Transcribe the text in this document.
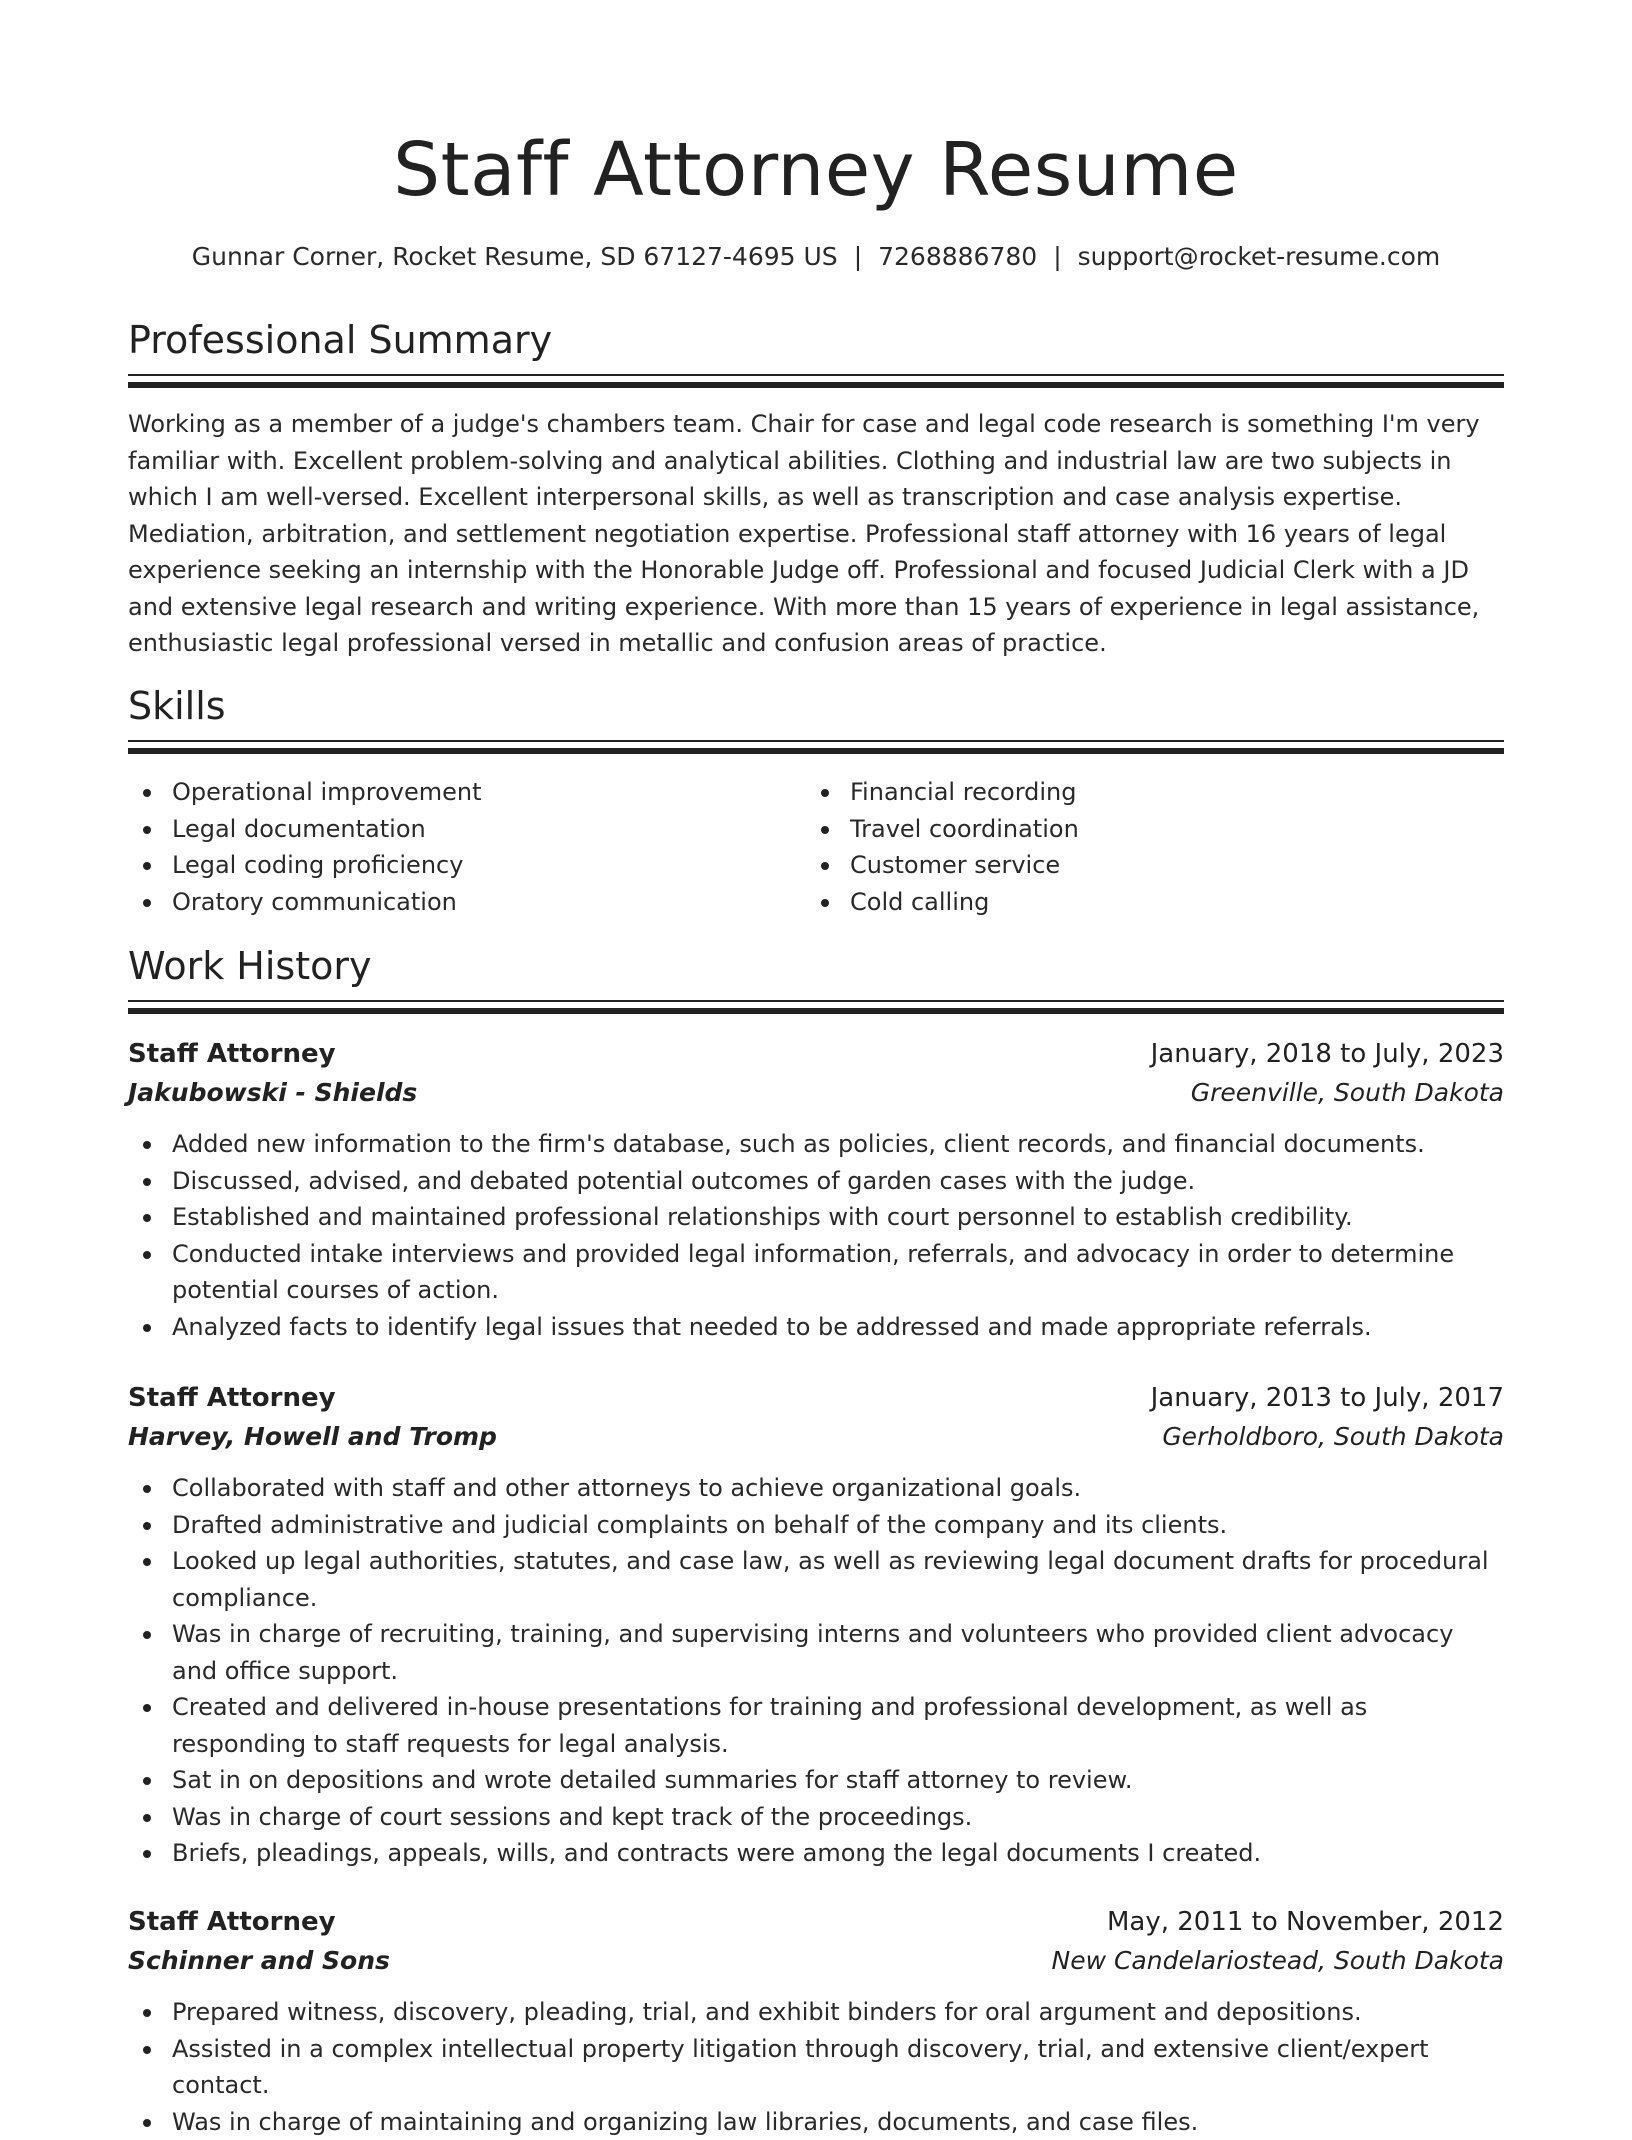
Staff Attorney Resume
Gunnar Corner, Rocket Resume, SD 67127-4695 US | 7268886780 | support@rocket-resume.com
Professional Summary

Working as a member of a judge's chambers team. Chair for case and legal code research is something I'm very familiar with. Excellent problem-solving and analytical abilities. Clothing and industrial law are two subjects in which I am well-versed. Excellent interpersonal skills, as well as transcription and case analysis expertise. Mediation, arbitration, and settlement negotiation expertise. Professional staff attorney with 16 years of legal experience seeking an internship with the Honorable Judge off. Professional and focused Judicial Clerk with a JD and extensive legal research and writing experience. With more than 15 years of experience in legal assistance, enthusiastic legal professional versed in metallic and confusion areas of practice.

Skills
Operational improvement
Legal documentation
Legal coding proficiency
Oratory communication
Financial recording
Travel coordination
Customer service
Cold calling
Work History
Staff Attorney	January, 2018 to July, 2023
Jakubowski - Shields	Greenville, South Dakota
Added new information to the firm's database, such as policies, client records, and financial documents.
Discussed, advised, and debated potential outcomes of garden cases with the judge.
Established and maintained professional relationships with court personnel to establish credibility.
Conducted intake interviews and provided legal information, referrals, and advocacy in order to determine potential courses of action.
Analyzed facts to identify legal issues that needed to be addressed and made appropriate referrals.
Staff Attorney	January, 2013 to July, 2017
Harvey, Howell and Tromp	Gerholdboro, South Dakota
Collaborated with staff and other attorneys to achieve organizational goals.
Drafted administrative and judicial complaints on behalf of the company and its clients.
Looked up legal authorities, statutes, and case law, as well as reviewing legal document drafts for procedural compliance.
Was in charge of recruiting, training, and supervising interns and volunteers who provided client advocacy and office support.
Created and delivered in-house presentations for training and professional development, as well as responding to staff requests for legal analysis.
Sat in on depositions and wrote detailed summaries for staff attorney to review.
Was in charge of court sessions and kept track of the proceedings.
Briefs, pleadings, appeals, wills, and contracts were among the legal documents I created.
Staff Attorney	May, 2011 to November, 2012
Schinner and Sons	New Candelariostead, South Dakota
Prepared witness, discovery, pleading, trial, and exhibit binders for oral argument and depositions.
Assisted in a complex intellectual property litigation through discovery, trial, and extensive client/expert contact.
Was in charge of maintaining and organizing law libraries, documents, and case files.
